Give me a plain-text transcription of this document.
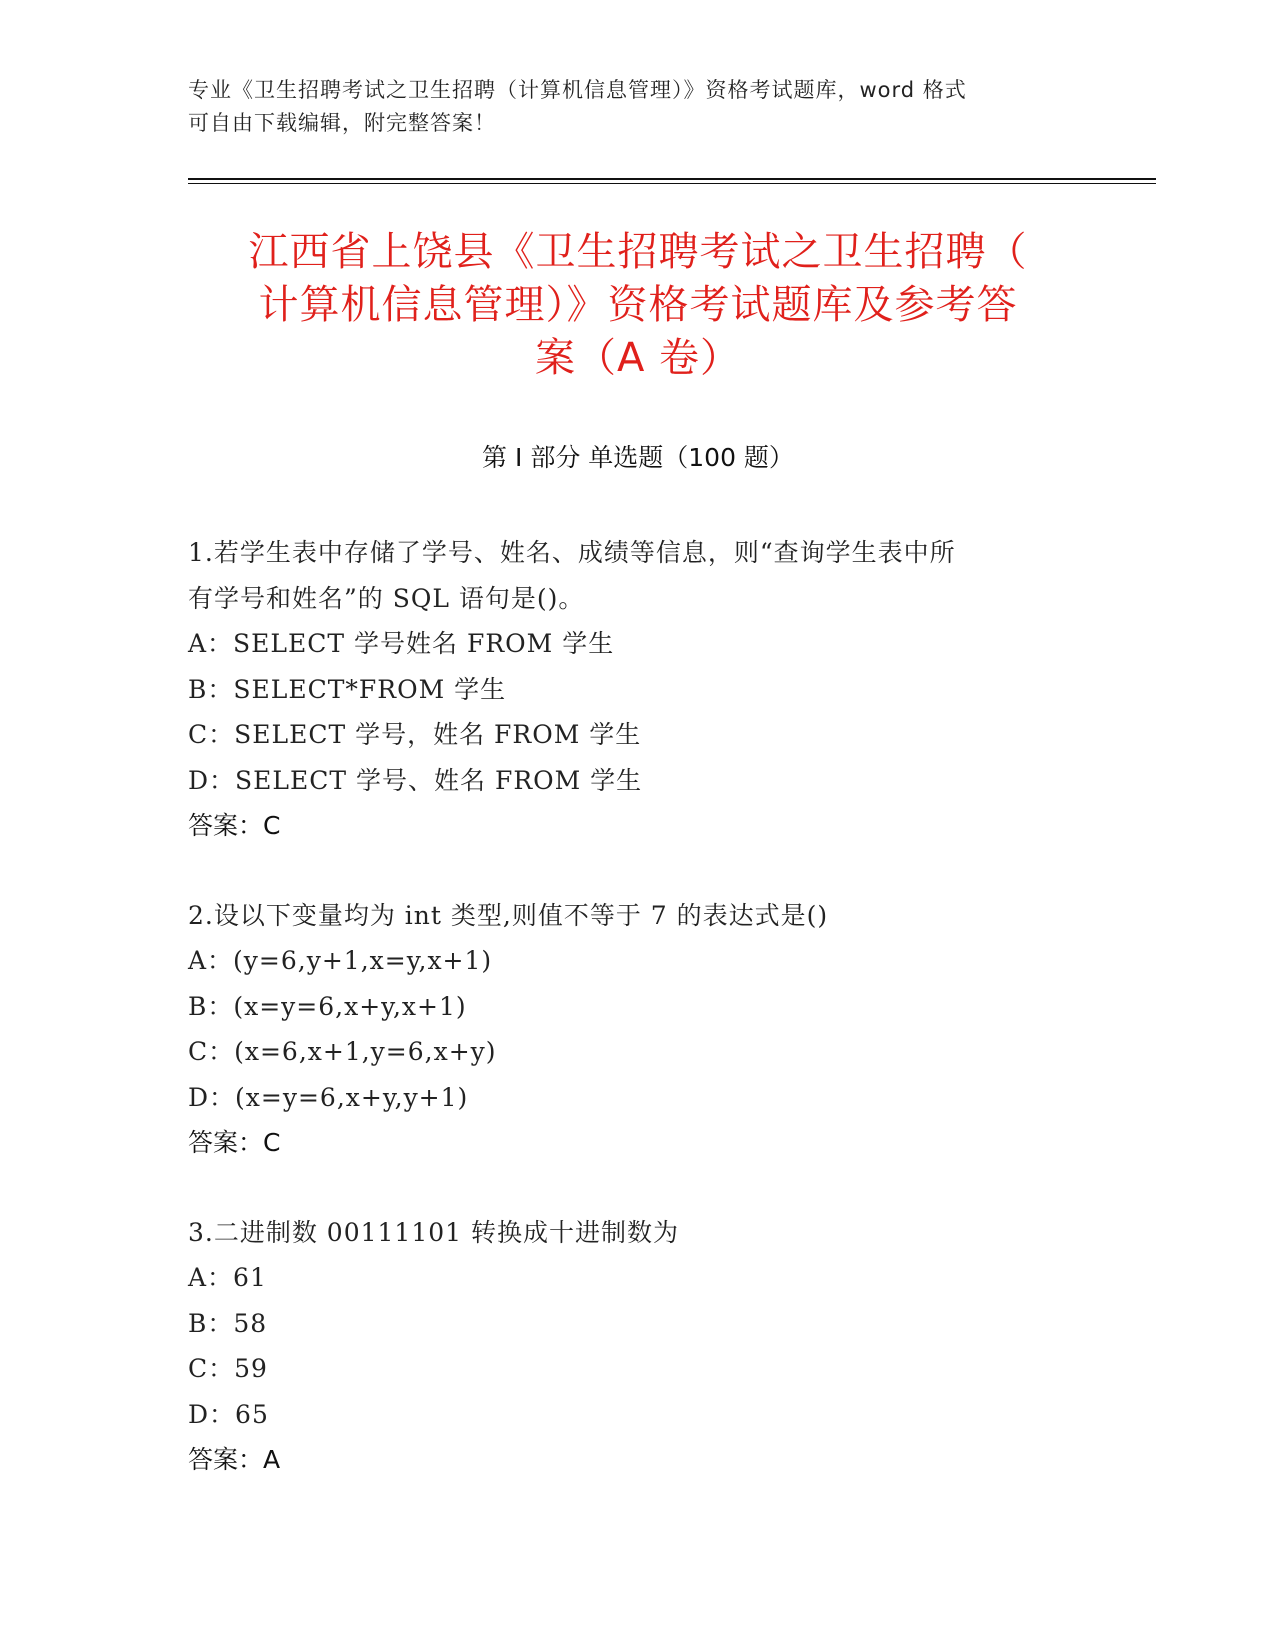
专业《卫生招聘考试之卫生招聘（计算机信息管理）》资格考试题库，word 格式
可自由下载编辑，附完整答案！
江西省上饶县《卫生招聘考试之卫生招聘（
计算机信息管理）》资格考试题库及参考答
案（A 卷）
第 I 部分 单选题（100 题）

1.若学生表中存储了学号、姓名、成绩等信息，则“查询学生表中所

有学号和姓名”的 SQL 语句是()。

A：SELECT 学号姓名 FROM 学生

B：SELECT*FROM 学生

C：SELECT 学号，姓名 FROM 学生

D：SELECT 学号、姓名 FROM 学生

答案：C

2.设以下变量均为 int 类型,则值不等于 7 的表达式是()

A：(y=6,y+1,x=y,x+1)

B：(x=y=6,x+y,x+1)

C：(x=6,x+1,y=6,x+y)

D：(x=y=6,x+y,y+1)

答案：C

3.二进制数 00111101 转换成十进制数为

A：61

B：58

C：59

D：65

答案：A
